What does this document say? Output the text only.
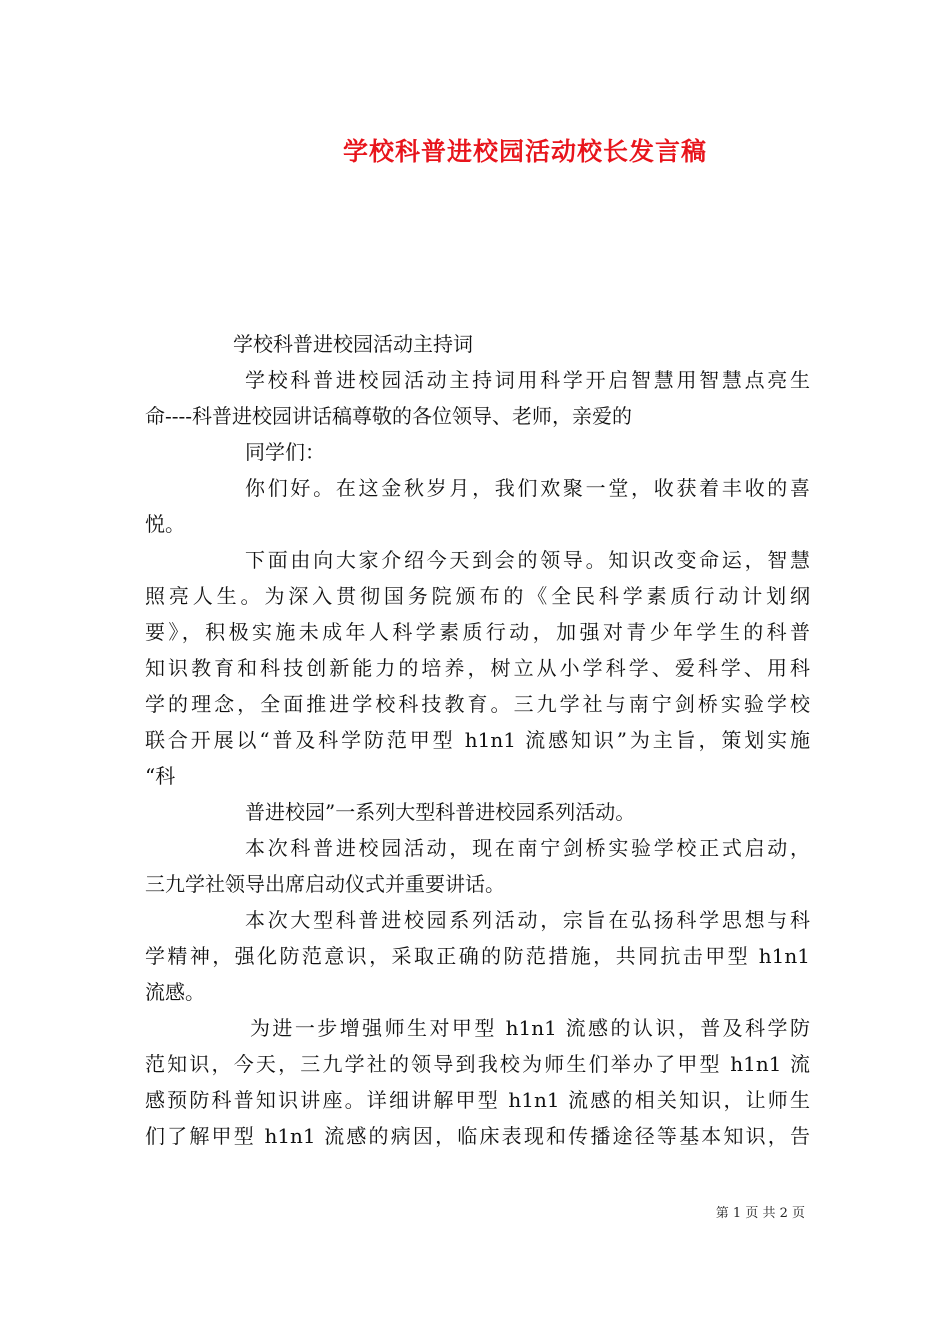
学校科普进校园活动校长发言稿

学校科普进校园活动主持词

学校科普进校园活动主持词用科学开启智慧用智慧点亮生

命----科普进校园讲话稿尊敬的各位领导、老师，亲爱的

同学们：

你们好。在这金秋岁月，我们欢聚一堂，收获着丰收的喜

悦。

下面由向大家介绍今天到会的领导。知识改变命运，智慧

照亮人生。为深入贯彻国务院颁布的《全民科学素质行动计划纲

要》，积极实施未成年人科学素质行动，加强对青少年学生的科普

知识教育和科技创新能力的培养，树立从小学科学、爱科学、用科

学的理念，全面推进学校科技教育。三九学社与南宁剑桥实验学校

联合开展以“普及科学防范甲型 h1n1 流感知识”为主旨，策划实施

“科

普进校园”一系列大型科普进校园系列活动。

本次科普进校园活动，现在南宁剑桥实验学校正式启动，

三九学社领导出席启动仪式并重要讲话。

本次大型科普进校园系列活动，宗旨在弘扬科学思想与科

学精神，强化防范意识，采取正确的防范措施，共同抗击甲型 h1n1

流感。

为进一步增强师生对甲型 h1n1 流感的认识，普及科学防

范知识，今天，三九学社的领导到我校为师生们举办了甲型 h1n1 流

感预防科普知识讲座。详细讲解甲型 h1n1 流感的相关知识，让师生

们了解甲型 h1n1 流感的病因，临床表现和传播途径等基本知识，告

第 1 页 共 2 页
